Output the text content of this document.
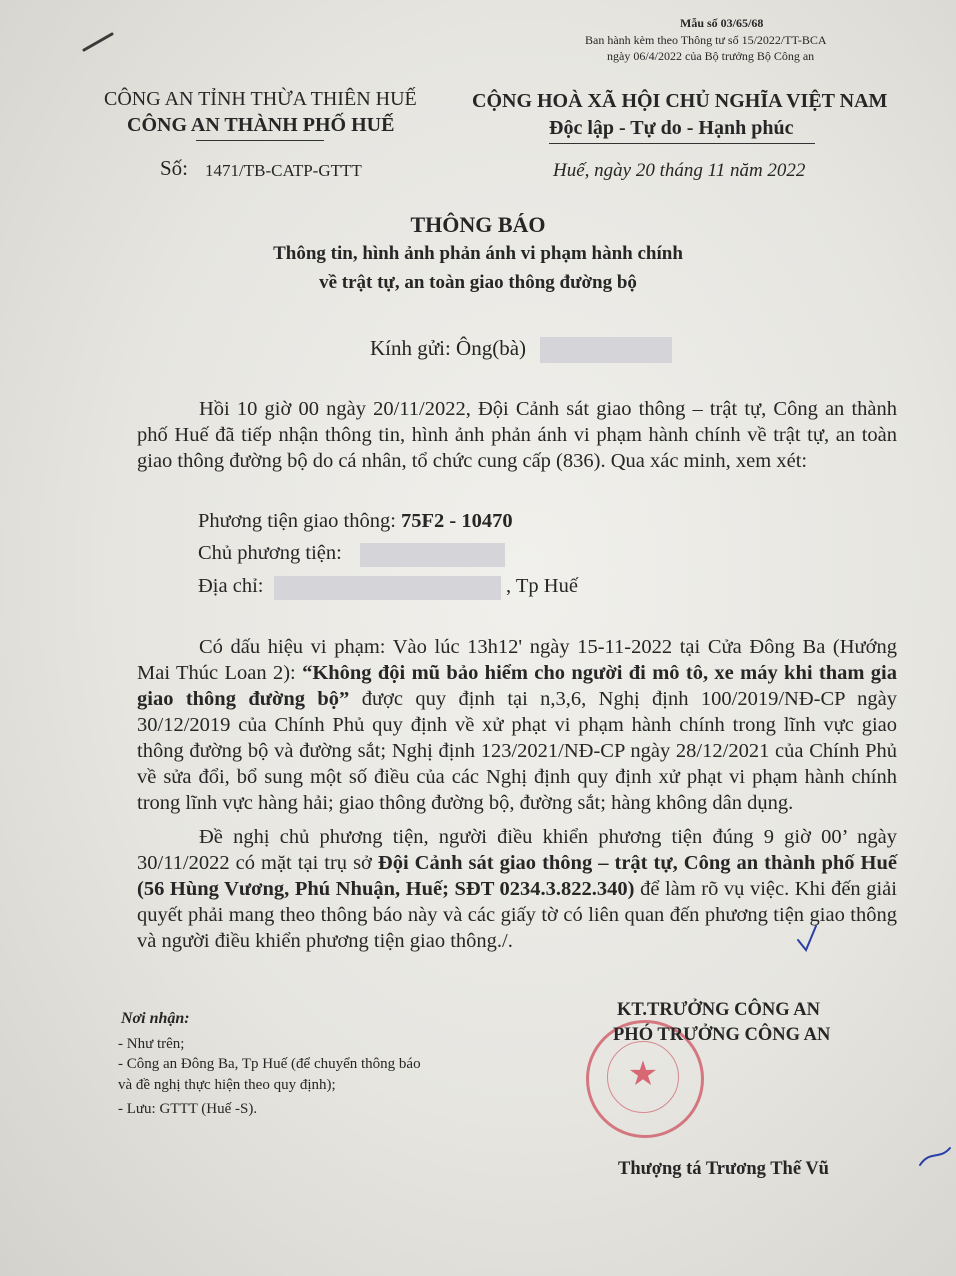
Mẫu số 03/65/68
Ban hành kèm theo Thông tư số 15/2022/TT-BCA
ngày 06/4/2022 của Bộ trưởng Bộ Công an
CÔNG AN TỈNH THỪA THIÊN HUẾ
CÔNG AN THÀNH PHỐ HUẾ
CỘNG HOÀ XÃ HỘI CHỦ NGHĨA VIỆT NAM
Độc lập - Tự do - Hạnh phúc
Số: 1471/TB-CATP-GTTT	Huế, ngày 20 tháng 11 năm 2022
THÔNG BÁO
Thông tin, hình ảnh phản ánh vi phạm hành chính
về trật tự, an toàn giao thông đường bộ
Kính gửi: Ông(bà)
Hồi 10 giờ 00 ngày 20/11/2022, Đội Cảnh sát giao thông – trật tự, Công an thành phố Huế đã tiếp nhận thông tin, hình ảnh phản ánh vi phạm hành chính về trật tự, an toàn giao thông đường bộ do cá nhân, tổ chức cung cấp (836). Qua xác minh, xem xét:
Phương tiện giao thông: 75F2 - 10470
Chủ phương tiện:
Địa chỉ:	, Tp Huế
Có dấu hiệu vi phạm: Vào lúc 13h12' ngày 15-11-2022 tại Cửa Đông Ba (Hướng Mai Thúc Loan 2): “Không đội mũ bảo hiểm cho người đi mô tô, xe máy khi tham gia giao thông đường bộ” được quy định tại n,3,6, Nghị định 100/2019/NĐ-CP ngày 30/12/2019 của Chính Phủ quy định về xử phạt vi phạm hành chính trong lĩnh vực giao thông đường bộ và đường sắt; Nghị định 123/2021/NĐ-CP ngày 28/12/2021 của Chính Phủ về sửa đổi, bổ sung một số điều của các Nghị định quy định xử phạt vi phạm hành chính trong lĩnh vực hàng hải; giao thông đường bộ, đường sắt; hàng không dân dụng.
Đề nghị chủ phương tiện, người điều khiển phương tiện đúng 9 giờ 00’ ngày 30/11/2022 có mặt tại trụ sở Đội Cảnh sát giao thông – trật tự, Công an thành phố Huế (56 Hùng Vương, Phú Nhuận, Huế; SĐT 0234.3.822.340) để làm rõ vụ việc. Khi đến giải quyết phải mang theo thông báo này và các giấy tờ có liên quan đến phương tiện giao thông và người điều khiển phương tiện giao thông./.
Nơi nhận:
- Như trên;
- Công an Đông Ba, Tp Huế (để chuyển thông báo
và đề nghị thực hiện theo quy định);
- Lưu: GTTT (Huế -S).
★
KT.TRƯỞNG CÔNG AN
PHÓ TRƯỞNG CÔNG AN
Thượng tá Trương Thế Vũ
